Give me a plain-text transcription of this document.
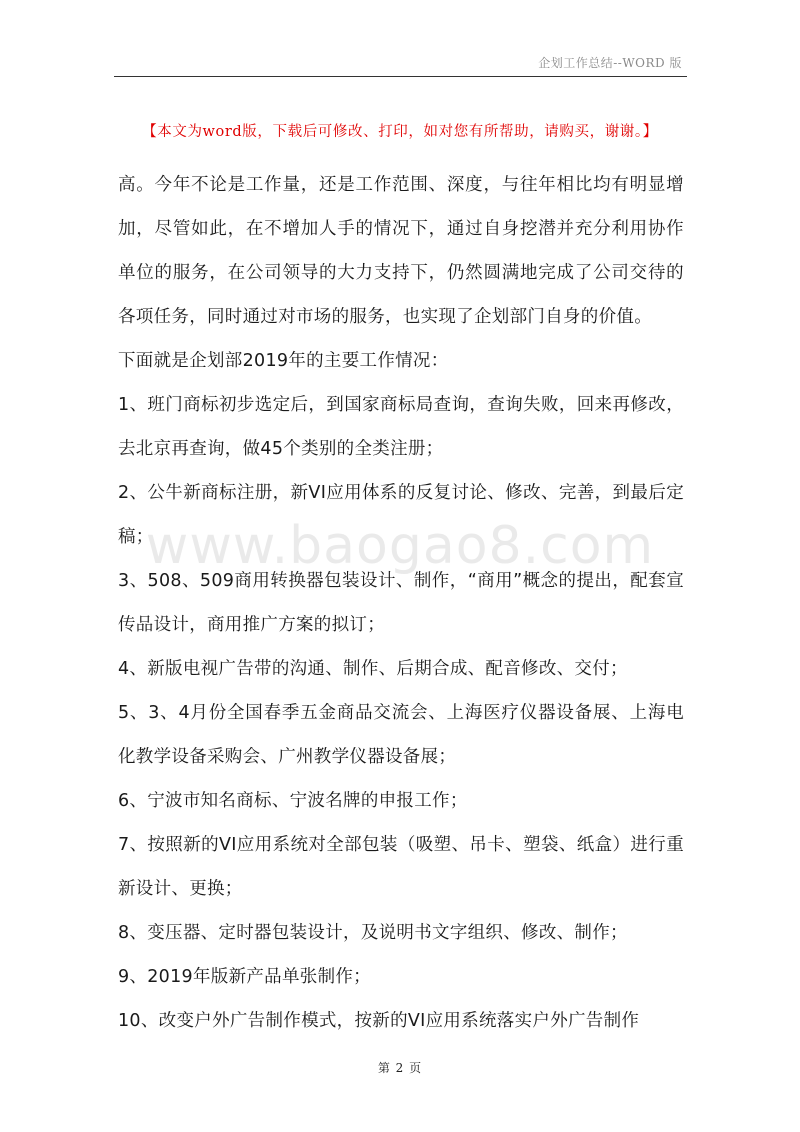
企划工作总结--WORD 版
【本文为word版，下载后可修改、打印，如对您有所帮助，请购买，谢谢。】

高。今年不论是工作量，还是工作范围、深度，与往年相比均有明显增加，尽管如此，在不增加人手的情况下，通过自身挖潜并充分利用协作单位的服务，在公司领导的大力支持下，仍然圆满地完成了公司交待的各项任务，同时通过对市场的服务，也实现了企划部门自身的价值。

下面就是企划部2019年的主要工作情况：

1、班门商标初步选定后，到国家商标局查询，查询失败，回来再修改，去北京再查询，做45个类别的全类注册；

2、公牛新商标注册，新VI应用体系的反复讨论、修改、完善，到最后定稿；

3、508、509商用转换器包装设计、制作，“商用”概念的提出，配套宣传品设计，商用推广方案的拟订；

4、新版电视广告带的沟通、制作、后期合成、配音修改、交付；

5、3、4月份全国春季五金商品交流会、上海医疗仪器设备展、上海电化教学设备采购会、广州教学仪器设备展；

6、宁波市知名商标、宁波名牌的申报工作；

7、按照新的VI应用系统对全部包装（吸塑、吊卡、塑袋、纸盒）进行重新设计、更换；

8、变压器、定时器包装设计，及说明书文字组织、修改、制作；

9、2019年版新产品单张制作；

10、改变户外广告制作模式，按新的VI应用系统落实户外广告制作

www.baogao8.com
第 2 页
